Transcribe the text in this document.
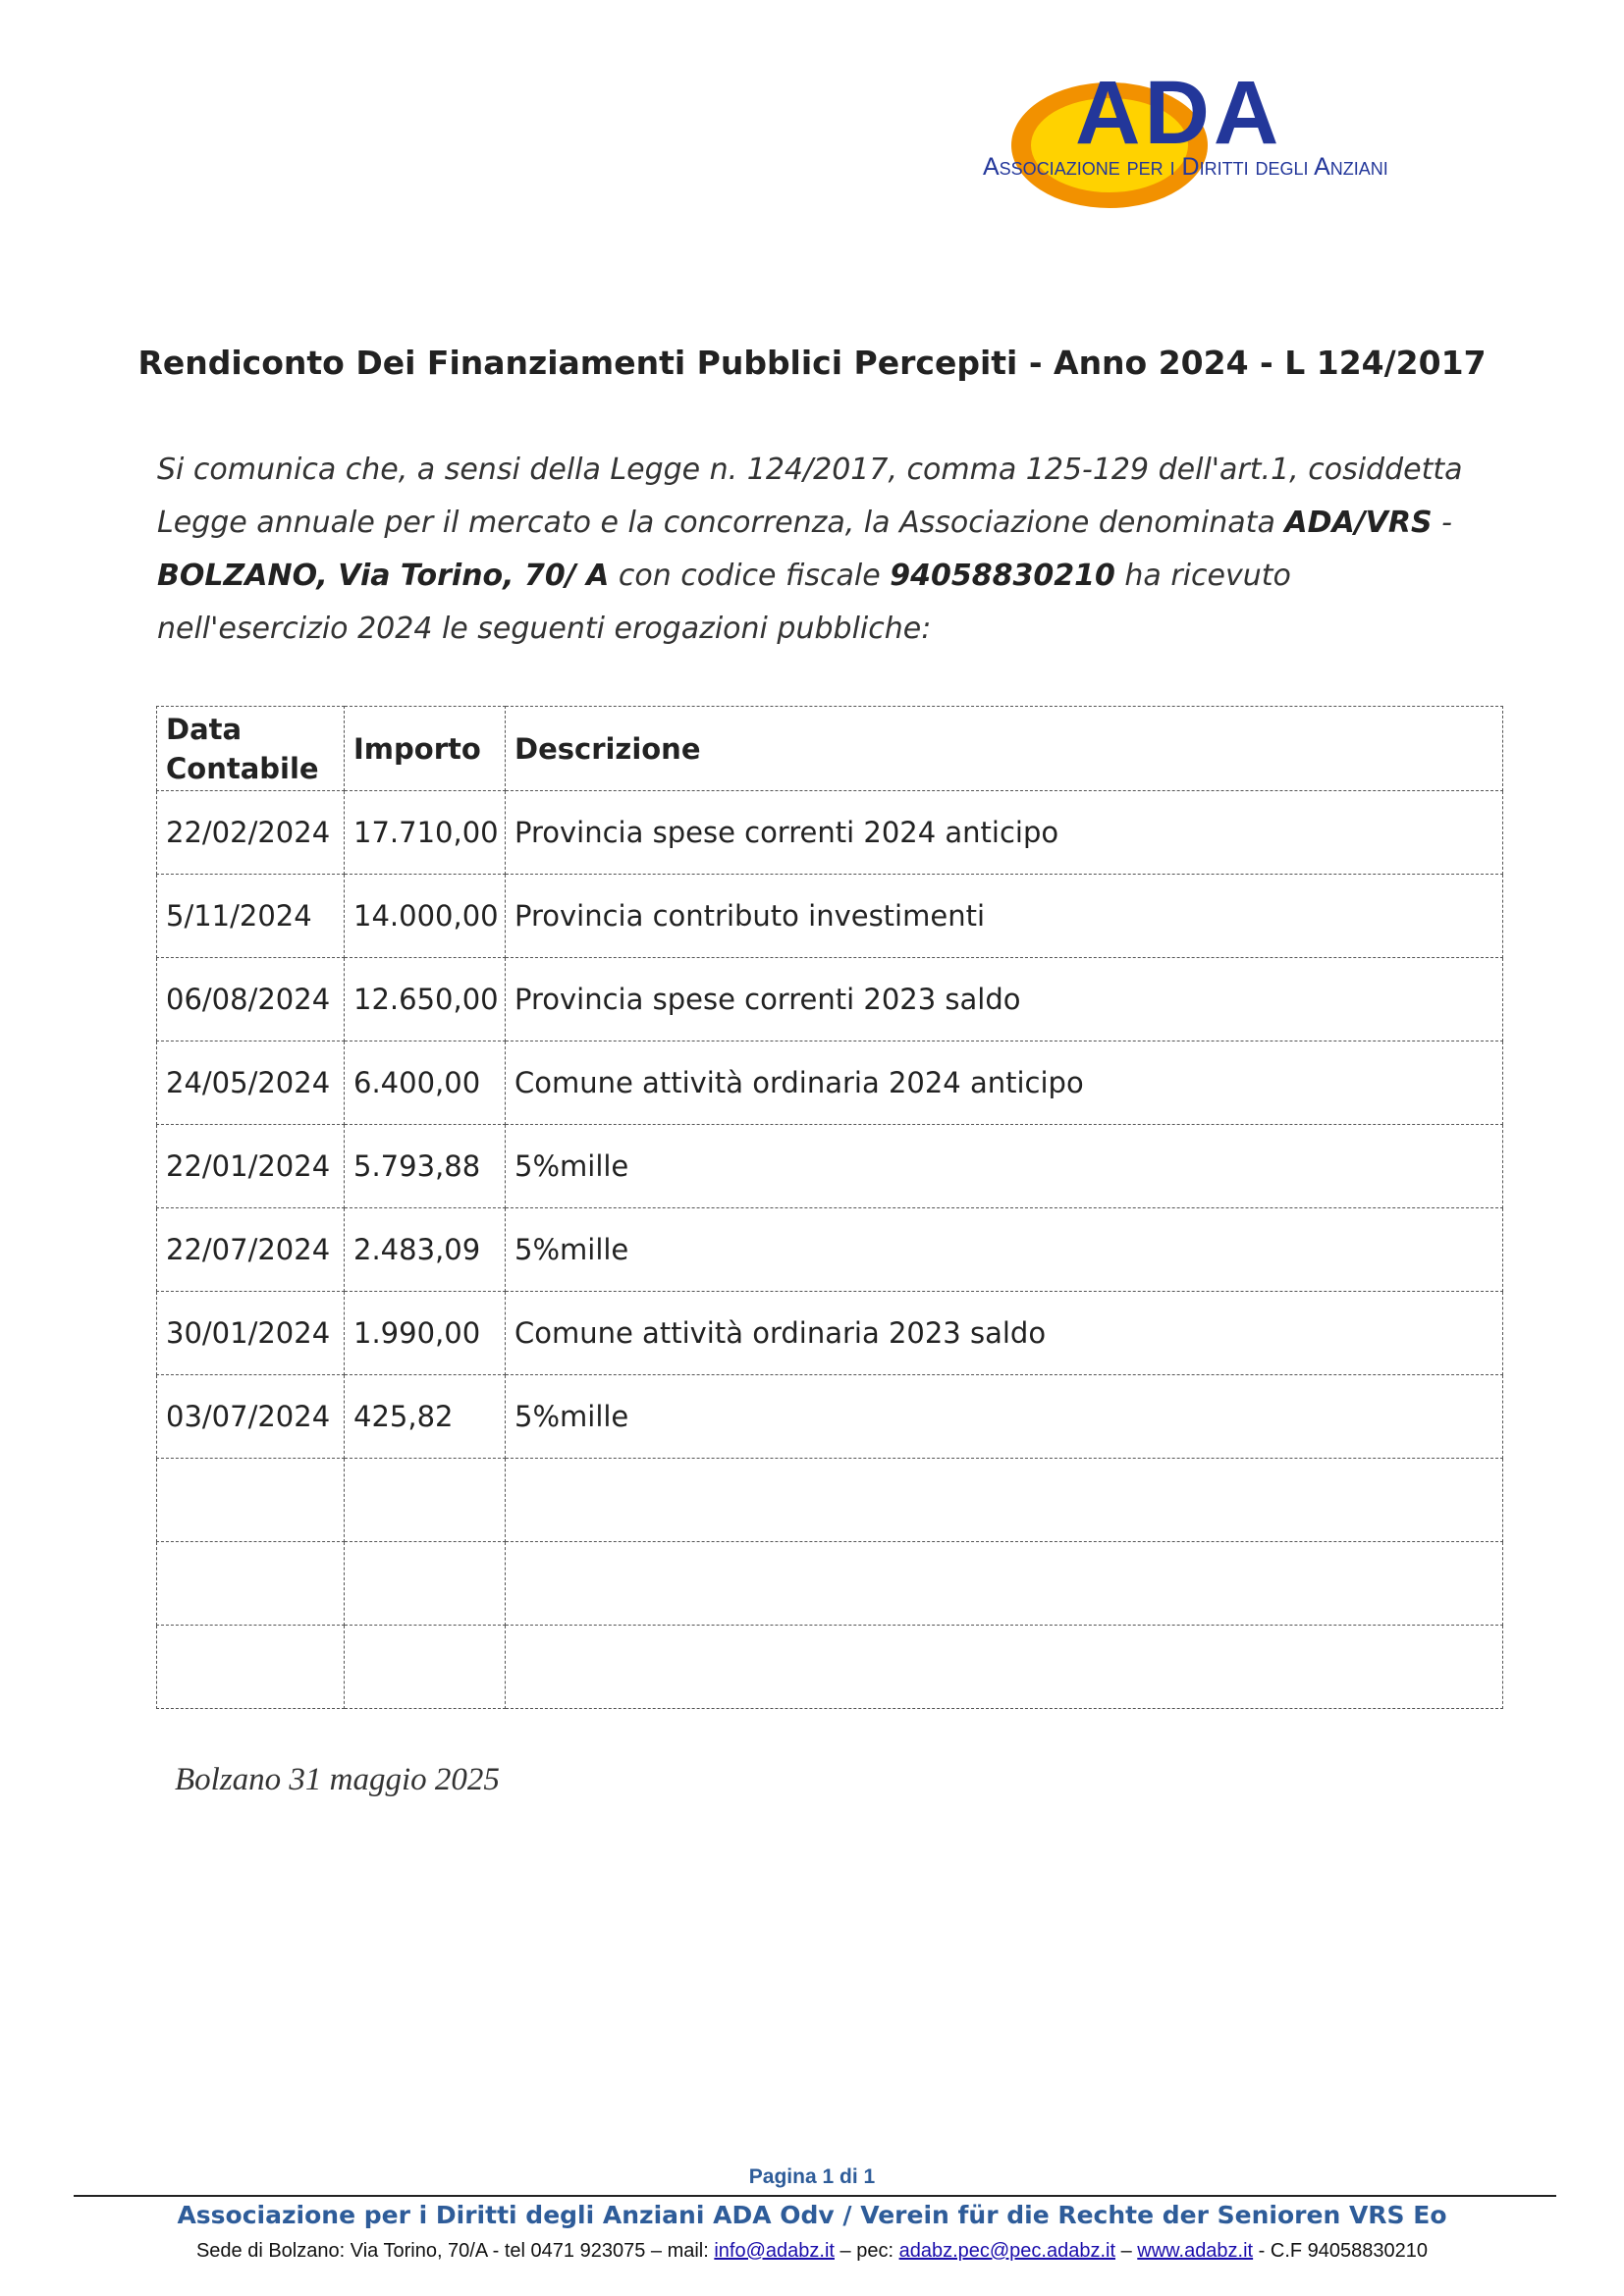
ADA
Associazione per i Diritti degli Anziani
Rendiconto Dei Finanziamenti Pubblici Percepiti - Anno 2024 - L 124/2017
Si comunica che, a sensi della Legge n. 124/2017, comma 125-129 dell'art.1, cosiddetta Legge annuale per il mercato e la concorrenza, la Associazione denominata ADA/VRS - BOLZANO, Via Torino, 70/ A con codice fiscale 94058830210 ha ricevuto nell'esercizio 2024 le seguenti erogazioni pubbliche:
Data
Contabile	Importo	Descrizione
22/02/2024	17.710,00	Provincia spese correnti 2024 anticipo
5/11/2024	14.000,00	Provincia contributo investimenti
06/08/2024	12.650,00	Provincia spese correnti 2023 saldo
24/05/2024	6.400,00	Comune attività ordinaria 2024 anticipo
22/01/2024	5.793,88	5%mille
22/07/2024	2.483,09	5%mille
30/01/2024	1.990,00	Comune attività ordinaria 2023 saldo
03/07/2024	425,82	5%mille

Bolzano 31 maggio 2025
Pagina 1 di 1
Associazione per i Diritti degli Anziani ADA Odv / Verein für die Rechte der Senioren VRS Eo
Sede di Bolzano: Via Torino, 70/A - tel 0471 923075 – mail: info@adabz.it – pec: adabz.pec@pec.adabz.it – www.adabz.it - C.F 94058830210
